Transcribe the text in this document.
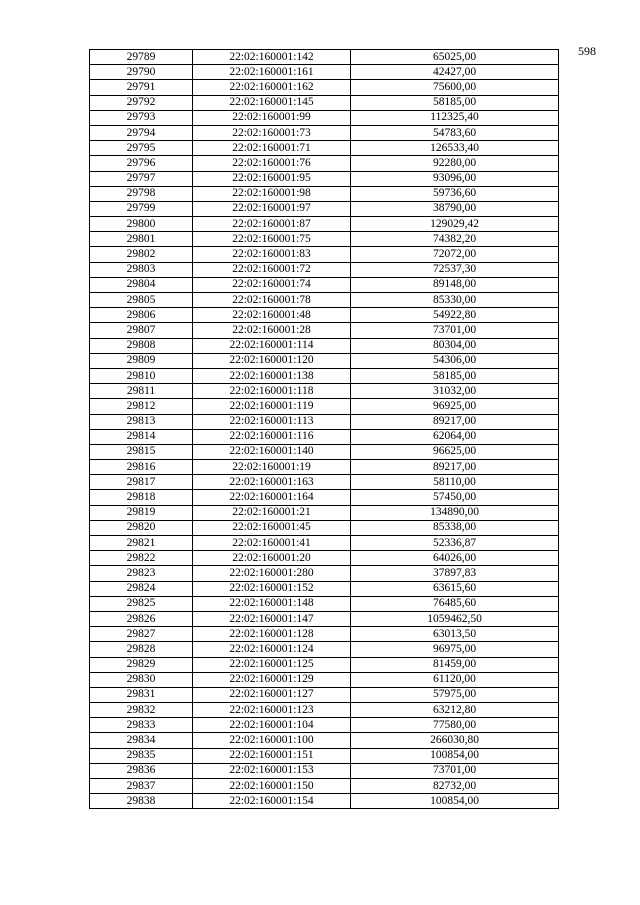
598
29789	22:02:160001:142	65025,00
29790	22:02:160001:161	42427,00
29791	22:02:160001:162	75600,00
29792	22:02:160001:145	58185,00
29793	22:02:160001:99	112325,40
29794	22:02:160001:73	54783,60
29795	22:02:160001:71	126533,40
29796	22:02:160001:76	92280,00
29797	22:02:160001:95	93096,00
29798	22:02:160001:98	59736,60
29799	22:02:160001:97	38790,00
29800	22:02:160001:87	129029,42
29801	22:02:160001:75	74382,20
29802	22:02:160001:83	72072,00
29803	22:02:160001:72	72537,30
29804	22:02:160001:74	89148,00
29805	22:02:160001:78	85330,00
29806	22:02:160001:48	54922,80
29807	22:02:160001:28	73701,00
29808	22:02:160001:114	80304,00
29809	22:02:160001:120	54306,00
29810	22:02:160001:138	58185,00
29811	22:02:160001:118	31032,00
29812	22:02:160001:119	96925,00
29813	22:02:160001:113	89217,00
29814	22:02:160001:116	62064,00
29815	22:02:160001:140	96625,00
29816	22:02:160001:19	89217,00
29817	22:02:160001:163	58110,00
29818	22:02:160001:164	57450,00
29819	22:02:160001:21	134890,00
29820	22:02:160001:45	85338,00
29821	22:02:160001:41	52336,87
29822	22:02:160001:20	64026,00
29823	22:02:160001:280	37897,83
29824	22:02:160001:152	63615,60
29825	22:02:160001:148	76485,60
29826	22:02:160001:147	1059462,50
29827	22:02:160001:128	63013,50
29828	22:02:160001:124	96975,00
29829	22:02:160001:125	81459,00
29830	22:02:160001:129	61120,00
29831	22:02:160001:127	57975,00
29832	22:02:160001:123	63212,80
29833	22:02:160001:104	77580,00
29834	22:02:160001:100	266030,80
29835	22:02:160001:151	100854,00
29836	22:02:160001:153	73701,00
29837	22:02:160001:150	82732,00
29838	22:02:160001:154	100854,00
